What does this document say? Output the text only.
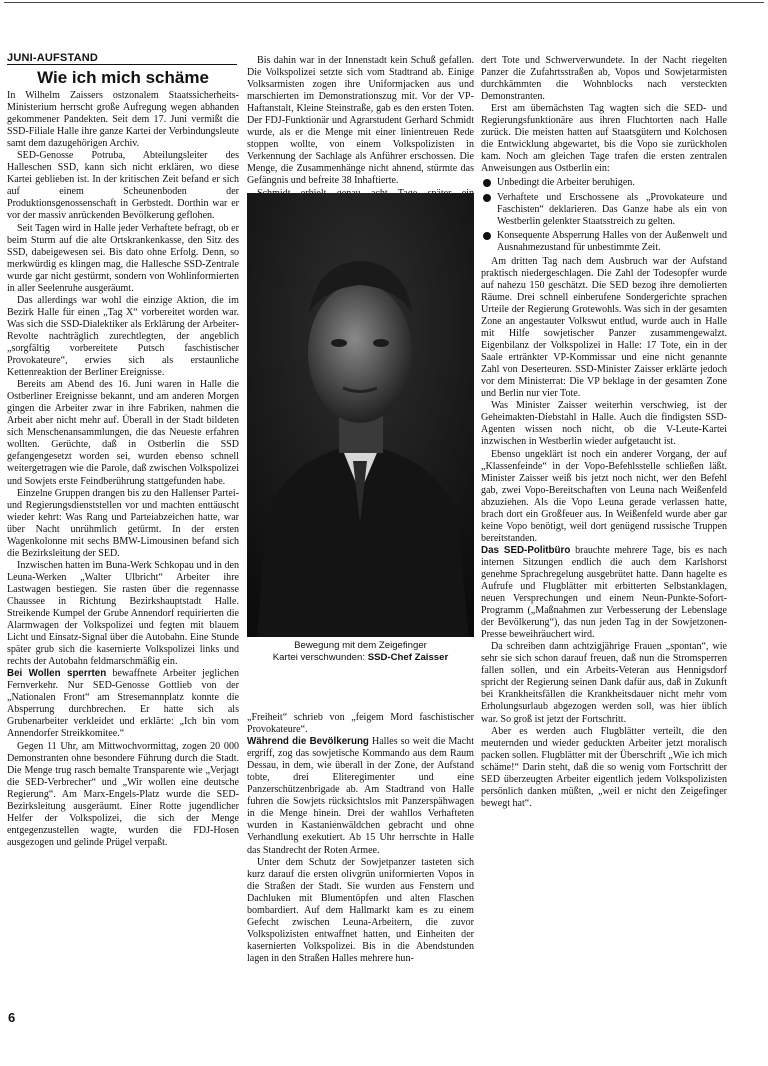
JUNI-AUFSTAND
Wie ich mich schäme

In Wilhelm Zaissers ostzonalem Staatssicherheits-Ministerium herrscht große Aufregung wegen abhanden gekommener Pandekten. Seit dem 17. Juni vermißt die SSD-Filiale Halle ihre ganze Kartei der Verbindungsleute samt dem dazugehörigen Archiv.

SED-Genosse Potruba, Abteilungsleiter des Halleschen SSD, kann sich nicht erklären, wo diese Kartei geblieben ist. In der kritischen Zeit befand er sich auf einem Scheunenboden der Produktionsgenossenschaft in Gerbstedt. Dorthin war er vor der massiv anrückenden Bevölkerung geflohen.

Seit Tagen wird in Halle jeder Verhaftete befragt, ob er beim Sturm auf die alte Ortskrankenkasse, den Sitz des SSD, dabeigewesen sei. Bis dato ohne Erfolg. Denn, so merkwürdig es klingen mag, die Hallesche SSD-Zentrale wurde gar nicht gestürmt, sondern von Wohlinformierten in aller Seelenruhe ausgeräumt.

Das allerdings war wohl die einzige Aktion, die im Bezirk Halle für einen „Tag X“ vorbereitet worden war. Was sich die SSD-Dialektiker als Erklärung der Arbeiter-Revolte nachträglich zurechtlegten, der angeblich „sorgfältig vorbereitete Putsch faschistischer Provokateure“, erwies sich als erstaunliche Kettenreaktion der Berliner Ereignisse.

Bereits am Abend des 16. Juni waren in Halle die Ostberliner Ereignisse bekannt, und am anderen Morgen gingen die Arbeiter zwar in ihre Fabriken, nahmen die Arbeit aber nicht mehr auf. Überall in der Stadt bildeten sich Menschenansammlungen, die das Neueste erfahren wollten. Gerüchte, daß in Ostberlin die SSD gefangengesetzt worden sei, wurden ebenso schnell weitergetragen wie die Parole, daß zwischen Volkspolizei und Sowjets erste Feindberührung stattgefunden habe.

Einzelne Gruppen drangen bis zu den Hallenser Partei- und Regierungsdienststellen vor und machten enttäuscht wieder kehrt: Was Rang und Parteiabzeichen hatte, war über Nacht unrühmlich getürmt. In der ersten Wagenkolonne mit sechs BMW-Limousinen befand sich die Bezirksleitung der SED.

Inzwischen hatten im Buna-Werk Schkopau und in den Leuna-Werken „Walter Ulbricht“ Arbeiter ihre Lastwagen bestiegen. Sie rasten über die regennasse Chaussee in Richtung Bezirkshauptstadt Halle. Streikende Kumpel der Grube Annendorf requirierten die Alarmwagen der Volkspolizei und fegten mit blauem Licht und Einsatz-Signal über die Autobahn. Eine Stunde später grub sich die kasernierte Volkspolizei links und rechts der Autobahn feldmarschmäßig ein.

Bei Wollen sperrten bewaffnete Arbeiter jeglichen Fernverkehr. Nur SED-Genosse Gottlieb von der „Nationalen Front“ am Stresemannplatz konnte die Absperrung durchbrechen. Er hatte sich als Grubenarbeiter verkleidet und erklärte: „Ich bin vom Annendorfer Streikkomitee.“

Gegen 11 Uhr, am Mittwochvormittag, zogen 20 000 Demonstranten ohne besondere Führung durch die Stadt. Die Menge trug rasch bemalte Transparente wie „Verjagt die SED-Verbrecher“ und „Wir wollen eine deutsche Regierung“. Am Marx-Engels-Platz wurde die SED-Bezirksleitung ausgeräumt. Einer Rotte jugendlicher Helfer der Volkspolizei, die sich der Menge entgegenzustellen wagte, wurden die FDJ-Hosen ausgezogen und gelinde Prügel verpaßt.

Bis dahin war in der Innenstadt kein Schuß gefallen. Die Volkspolizei setzte sich vom Stadtrand ab. Einige Volksarmisten zogen ihre Uniformjacken aus und marschierten im Demonstrationszug mit. Vor der VP-Haftanstalt, Kleine Steinstraße, gab es den ersten Toten. Der FDJ-Funktionär und Agrarstudent Gerhard Schmidt wurde, als er die Menge mit einer linientreuen Rede stoppen wollte, von einem Volkspolizisten in Verkennung der Sachlage als Anführer erschossen. Die Menge, die Zusammenhänge nicht ahnend, stürmte das Gefängnis und befreite 38 Inhaftierte.

Bewegung mit dem Zeigefinger
Kartei verschwunden: SSD-Chef Zaisser

„Freiheit“ schrieb von „feigem Mord faschistischer Provokateure“.

Während die Bevölkerung Halles so weit die Macht ergriff, zog das sowjetische Kommando aus dem Raum Dessau, in dem, wie überall in der Zone, der Aufstand tobte, drei Eliteregimenter und eine Panzerschützenbrigade ab. Am Stadtrand von Halle fuhren die Sowjets rücksichtslos mit Panzerspähwagen in die Menge hinein. Drei der wahllos Verhafteten wurden in Kastanienwäldchen gebracht und ohne Verhandlung exekutiert. Ab 15 Uhr herrschte in Halle das Standrecht der Roten Armee.

Unter dem Schutz der Sowjetpanzer tasteten sich kurz darauf die ersten olivgrün uniformierten Vopos in die Straßen der Stadt. Sie wurden aus Fenstern und Dachluken mit Blumentöpfen und alten Flaschen bombardiert. Auf dem Hallmarkt kam es zu einem Gefecht zwischen Leuna-Arbeitern, die zuvor Volkspolizisten entwaffnet hatten, und Einheiten der kasernierten Volkspolizei. Bis in die Abendstunden lagen in den Straßen Halles mehrere hun-

dert Tote und Schwerverwundete. In der Nacht riegelten Panzer die Zufahrtsstraßen ab, Vopos und Sowjetarmisten durchkämmten die Wohnblocks nach versteckten Demonstranten.

Erst am übernächsten Tag wagten sich die SED- und Regierungsfunktionäre aus ihren Fluchtorten nach Halle zurück. Die meisten hatten auf Staatsgütern und Kolchosen die Entwicklung abgewartet, bis die Vopo sie zurückholen kam. Noch am gleichen Tage trafen die ersten zentralen Anweisungen aus Ostberlin ein:

Unbedingt die Arbeiter beruhigen.
Verhaftete und Erschossene als „Provokateure und Faschisten“ deklarieren. Das Ganze habe als ein von Westberlin gelenkter Staatsstreich zu gelten.
Konsequente Absperrung Halles von der Außenwelt und Ausnahmezustand für unbestimmte Zeit.

Am dritten Tag nach dem Ausbruch war der Aufstand praktisch niedergeschlagen. Die Zahl der Todesopfer wurde auf nahezu 150 geschätzt. Die SED bezog ihre demolierten Räume. Drei schnell einberufene Sondergerichte sprachen Urteile der Regierung Grotewohls. Was sich in der gesamten Zone an angestauter Volkswut entlud, wurde auch in Halle mit Hilfe sowjetischer Panzer zusammengewalzt. Eigenbilanz der Volkspolizei in Halle: 17 Tote, ein in der Saale ertränkter VP-Kommissar und eine nicht genannte Zahl von Deserteuren. SSD-Minister Zaisser erklärte jedoch vor dem Ministerrat: Die VP beklage in der gesamten Zone und Berlin nur vier Tote.

Was Minister Zaisser weiterhin verschwieg, ist der Geheimakten-Diebstahl in Halle. Auch die findigsten SSD-Agenten wissen noch nicht, ob die V-Leute-Kartei inzwischen in Westberlin wieder aufgetaucht ist.

Ebenso ungeklärt ist noch ein anderer Vorgang, der auf „Klassenfeinde“ in der Vopo-Befehlsstelle schließen läßt. Minister Zaisser weiß bis jetzt noch nicht, wer den Befehl gab, zwei Vopo-Bereitschaften von Leuna nach Weißenfeld abzuziehen. Als die Vopo Leuna gerade verlassen hatte, brach dort ein Großfeuer aus. In Weißenfeld wurde aber gar keine Vopo benötigt, weil dort genügend russische Truppen bereitstanden.

Das SED-Politbüro brauchte mehrere Tage, bis es nach internen Sitzungen endlich die auch dem Karlshorst genehme Sprachregelung ausgebrütet hatte. Dann hagelte es Aufrufe und Flugblätter mit erbitterten Selbstanklagen, neuen Versprechungen und einem Neun-Punkte-Sofort-Programm („Maßnahmen zur Verbesserung der Lebenslage der Bevölkerung“), das nun jeden Tag in der Sowjetzonen-Presse beweihräuchert wird.

Da schreiben dann achtzigjährige Frauen „spontan“, wie sehr sie sich schon darauf freuen, daß nun die Stromsperren fallen sollen, und ein Arbeits-Veteran aus Hennigsdorf spricht der Regierung seinen Dank dafür aus, daß in Zukunft bei Krankheitsfällen die Krankheitsdauer nicht mehr vom Erholungsurlaub abgezogen werden soll, was hier üblich war. So groß ist jetzt der Fortschritt.

Aber es werden auch Flugblätter verteilt, die den meuternden und wieder geduckten Arbeiter jetzt moralisch packen sollen. Flugblätter mit der Überschrift „Wie ich mich schäme!“ Darin steht, daß die so wenig vom Fortschritt der SED überzeugten Arbeiter eigentlich jedem Volkspolizisten persönlich danken müßten, „weil er nicht den Zeigefinger bewegt hat“.

6
